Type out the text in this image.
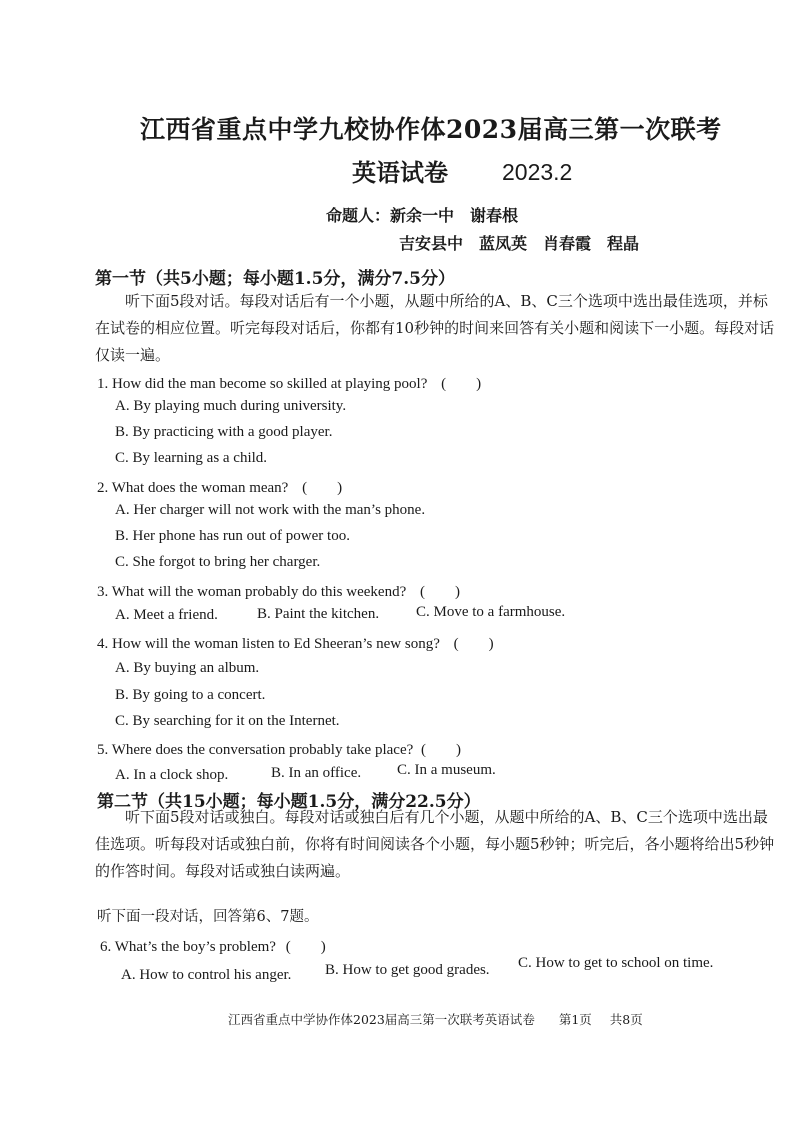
江西省重点中学九校协作体2023届高三第一次联考
英语试卷 2023.2
命题人：新余一中　谢春根
吉安县中　蓝凤英　肖春霞　程晶
第一节（共5小题；每小题1.5分，满分7.5分）
听下面5段对话。每段对话后有一个小题，从题中所给的A、B、C三个选项中选出最佳选项，并标在试卷的相应位置。听完每段对话后，你都有10秒钟的时间来回答有关小题和阅读下一小题。每段对话仅读一遍。
1. How did the man become so skilled at playing pool? (　　)
A. By playing much during university.
B. By practicing with a good player.
C. By learning as a child.
2. What does the woman mean? (　　)
A. Her charger will not work with the man’s phone.
B. Her phone has run out of power too.
C. She forgot to bring her charger.
3. What will the woman probably do this weekend? (　　)
A. Meet a friend.	B. Paint the kitchen. C. Move to a farmhouse.
4. How will the woman listen to Ed Sheeran’s new song? (　　)
A. By buying an album.
B. By going to a concert.
C. By searching for it on the Internet.
5. Where does the conversation probably take place? (　　)
A. In a clock shop.	B. In an office. C. In a museum.
第二节（共15小题；每小题1.5分，满分22.5分）
听下面5段对话或独白。每段对话或独白后有几个小题，从题中所给的A、B、C三个选项中选出最佳选项。听每段对话或独白前，你将有时间阅读各个小题，每小题5秒钟；听完后，各小题将给出5秒钟的作答时间。每段对话或独白读两遍。
听下面一段对话，回答第6、7题。
6. What’s the boy’s problem? (　　)
A. How to control his anger. B. How to get good grades. C. How to get to school on time.
江西省重点中学协作体2023届高三第一次联考英语试卷 第1页 共8页
